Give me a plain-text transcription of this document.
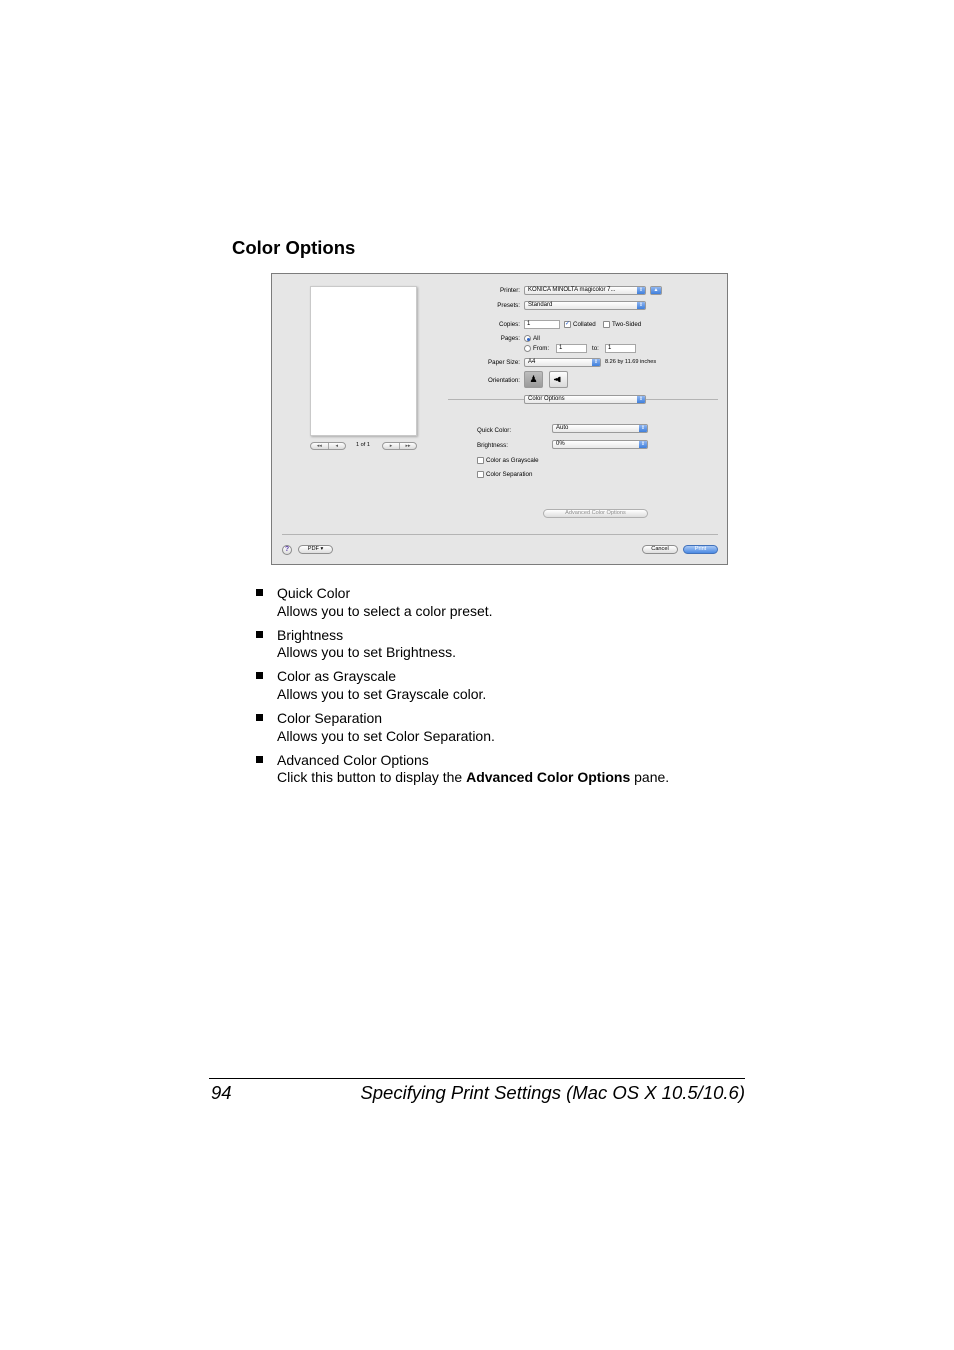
Color Options
◂◂	◂	1 of 1	▸	▸▸
Printer:	KONICA MINOLTA magicolor 7...	⇕	▲
Presets:	Standard	⇕
Copies:	1	✓ Collated	Two-Sided
Pages: All
From:	1	to:	1
Paper Size:	A4	⇕	8.26 by 11.69 inches
Orientation:	♟	♟
Color Options	⇕
Quick Color:	Auto	⇕
Brightness:	0%	⇕
Color as Grayscale
Color Separation
Advanced Color Options
?	PDF ▾	Cancel	Print
Quick Color
Allows you to select a color preset.
Brightness
Allows you to set Brightness.
Color as Grayscale
Allows you to set Grayscale color.
Color Separation
Allows you to set Color Separation.
Advanced Color Options
Click this button to display the Advanced Color Options pane.
94	Specifying Print Settings (Mac OS X 10.5/10.6)
